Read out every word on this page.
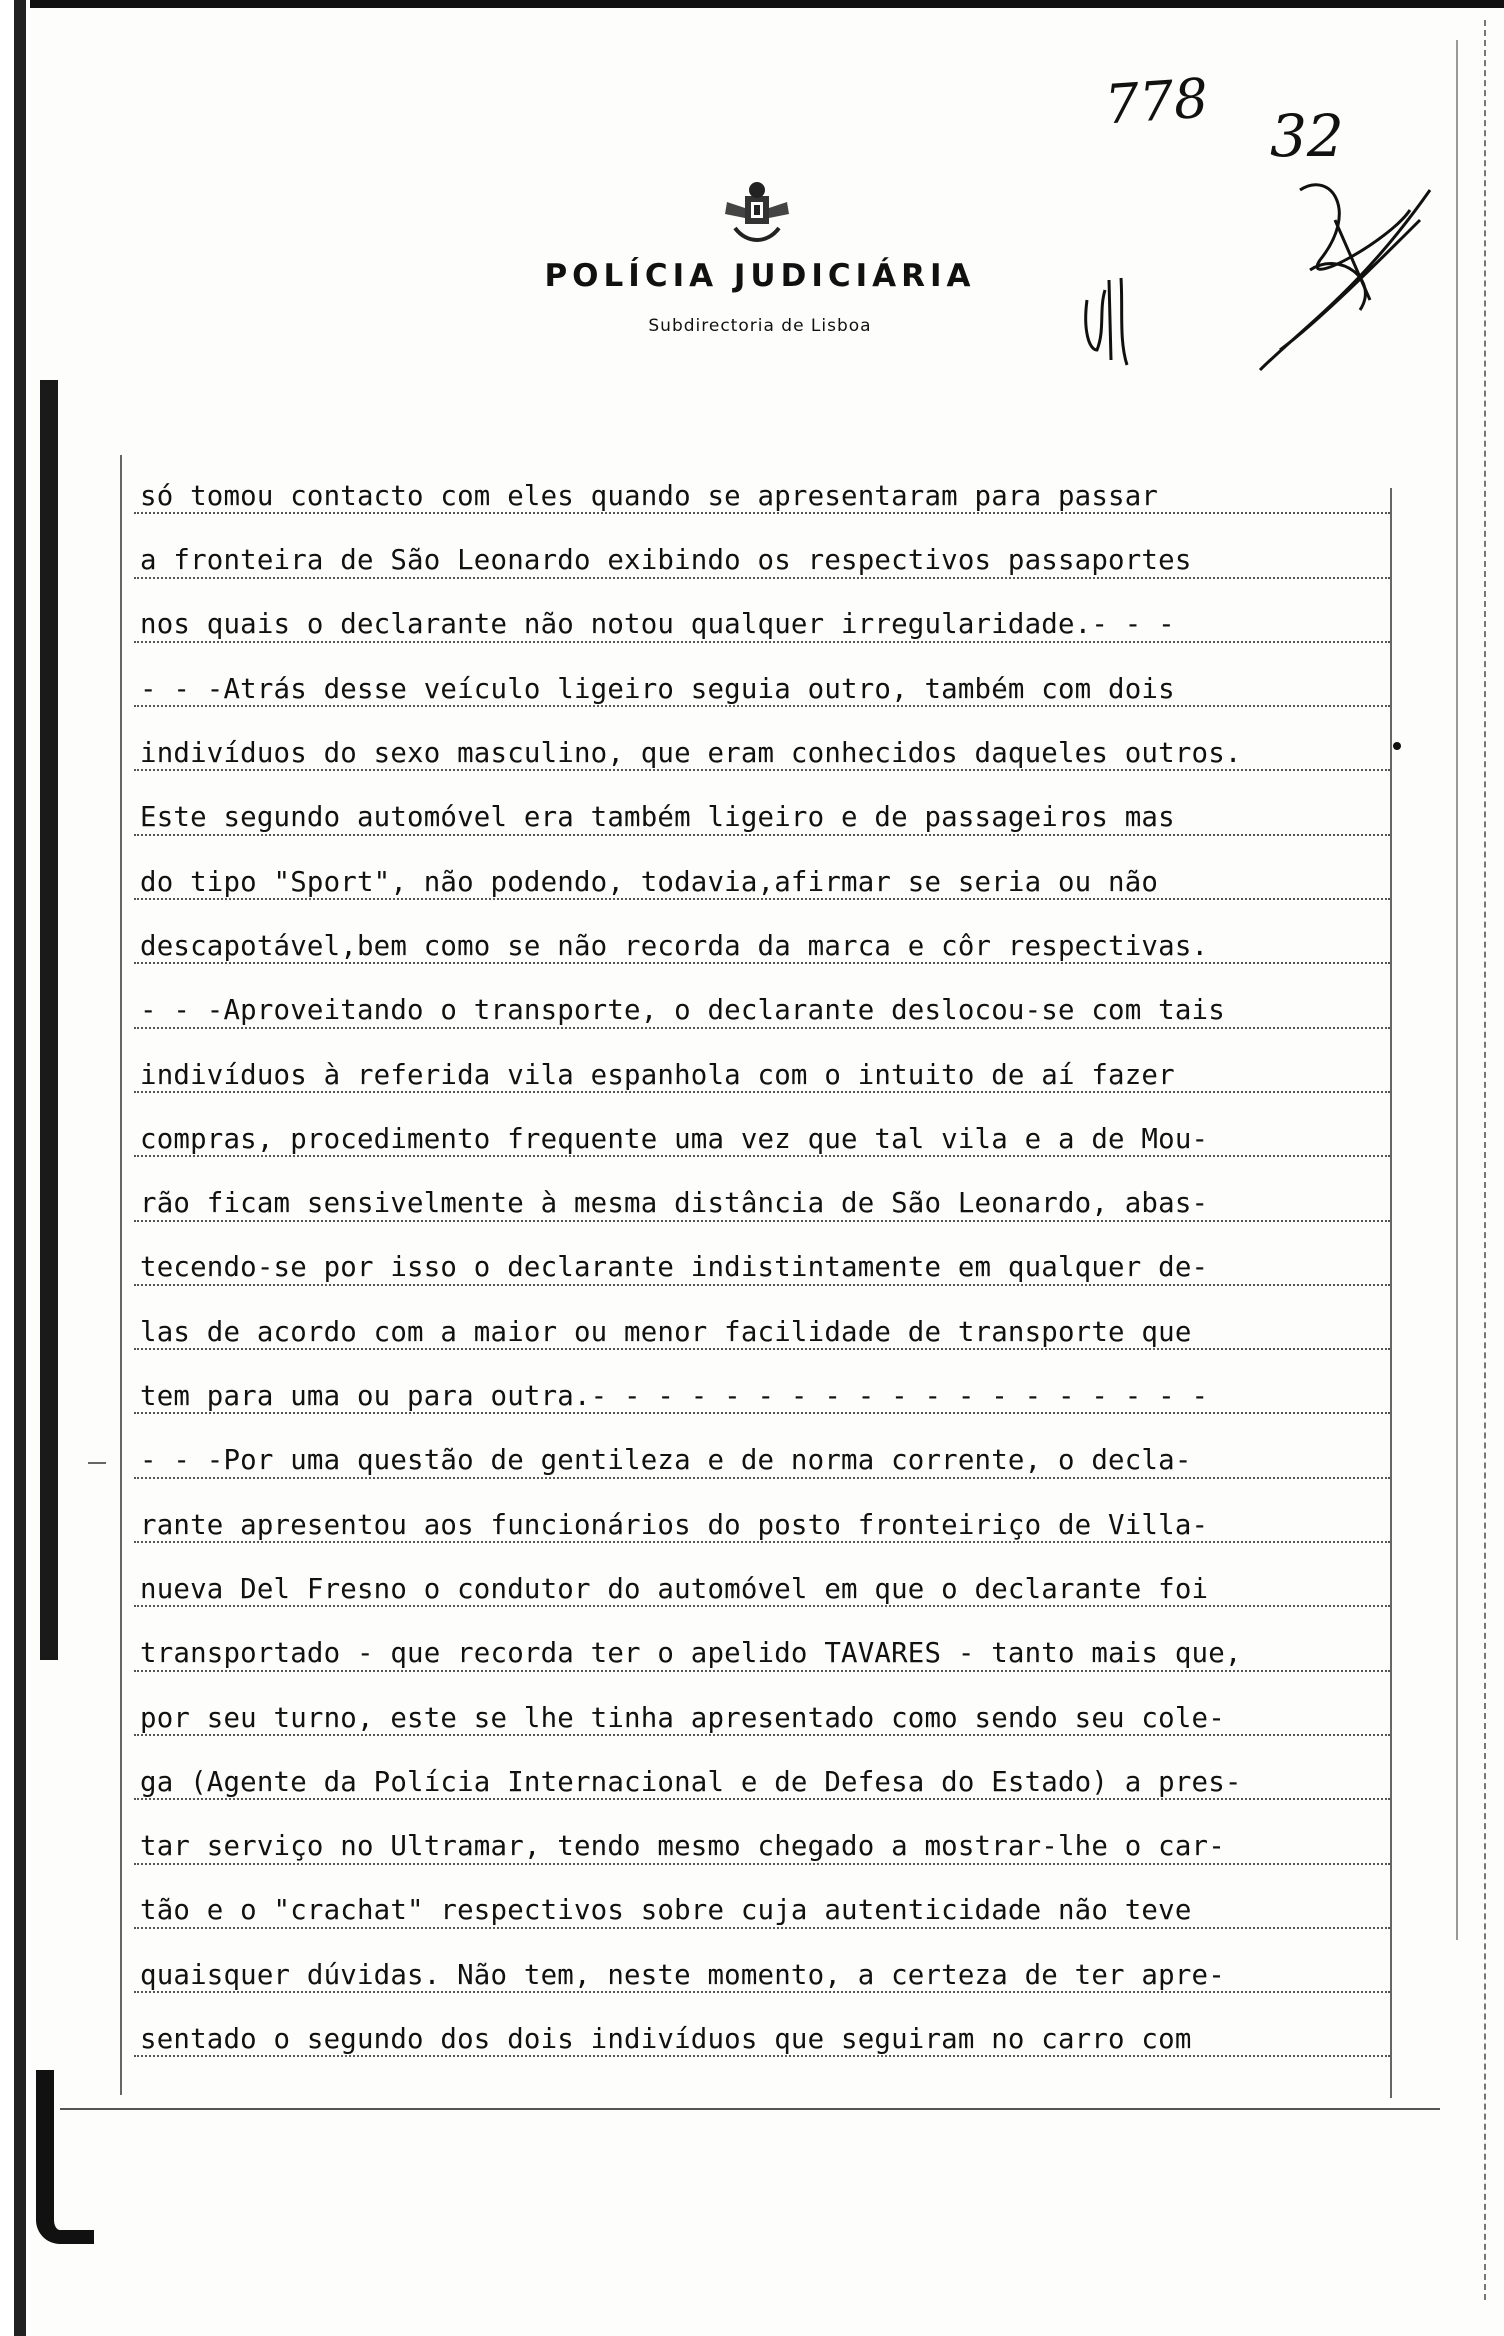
778 32
POLÍCIA JUDICIÁRIA
Subdirectoria de Lisboa
só tomou contacto com eles quando se apresentaram para passar
a fronteira de São Leonardo exibindo os respectivos passaportes
nos quais o declarante não notou qualquer irregularidade.- - -
- - -Atrás desse veículo ligeiro seguia outro, também com dois
indivíduos do sexo masculino, que eram conhecidos daqueles outros.
Este segundo automóvel era também ligeiro e de passageiros mas
do tipo "Sport", não podendo, todavia,afirmar se seria ou não
descapotável,bem como se não recorda da marca e côr respectivas.
- - -Aproveitando o transporte, o declarante deslocou-se com tais
indivíduos à referida vila espanhola com o intuito de aí fazer
compras, procedimento frequente uma vez que tal vila e a de Mou-
rão ficam sensivelmente à mesma distância de São Leonardo, abas-
tecendo-se por isso o declarante indistintamente em qualquer de-
las de acordo com a maior ou menor facilidade de transporte que
tem para uma ou para outra.- - - - - - - - - - - - - - - - - - -
- - -Por uma questão de gentileza e de norma corrente, o decla-
rante apresentou aos funcionários do posto fronteiriço de Villa-
nueva Del Fresno o condutor do automóvel em que o declarante foi
transportado - que recorda ter o apelido TAVARES - tanto mais que,
por seu turno, este se lhe tinha apresentado como sendo seu cole-
ga (Agente da Polícia Internacional e de Defesa do Estado) a pres-
tar serviço no Ultramar, tendo mesmo chegado a mostrar-lhe o car-
tão e o "crachat" respectivos sobre cuja autenticidade não teve
quaisquer dúvidas. Não tem, neste momento, a certeza de ter apre-
sentado o segundo dos dois indivíduos que seguiram no carro com
